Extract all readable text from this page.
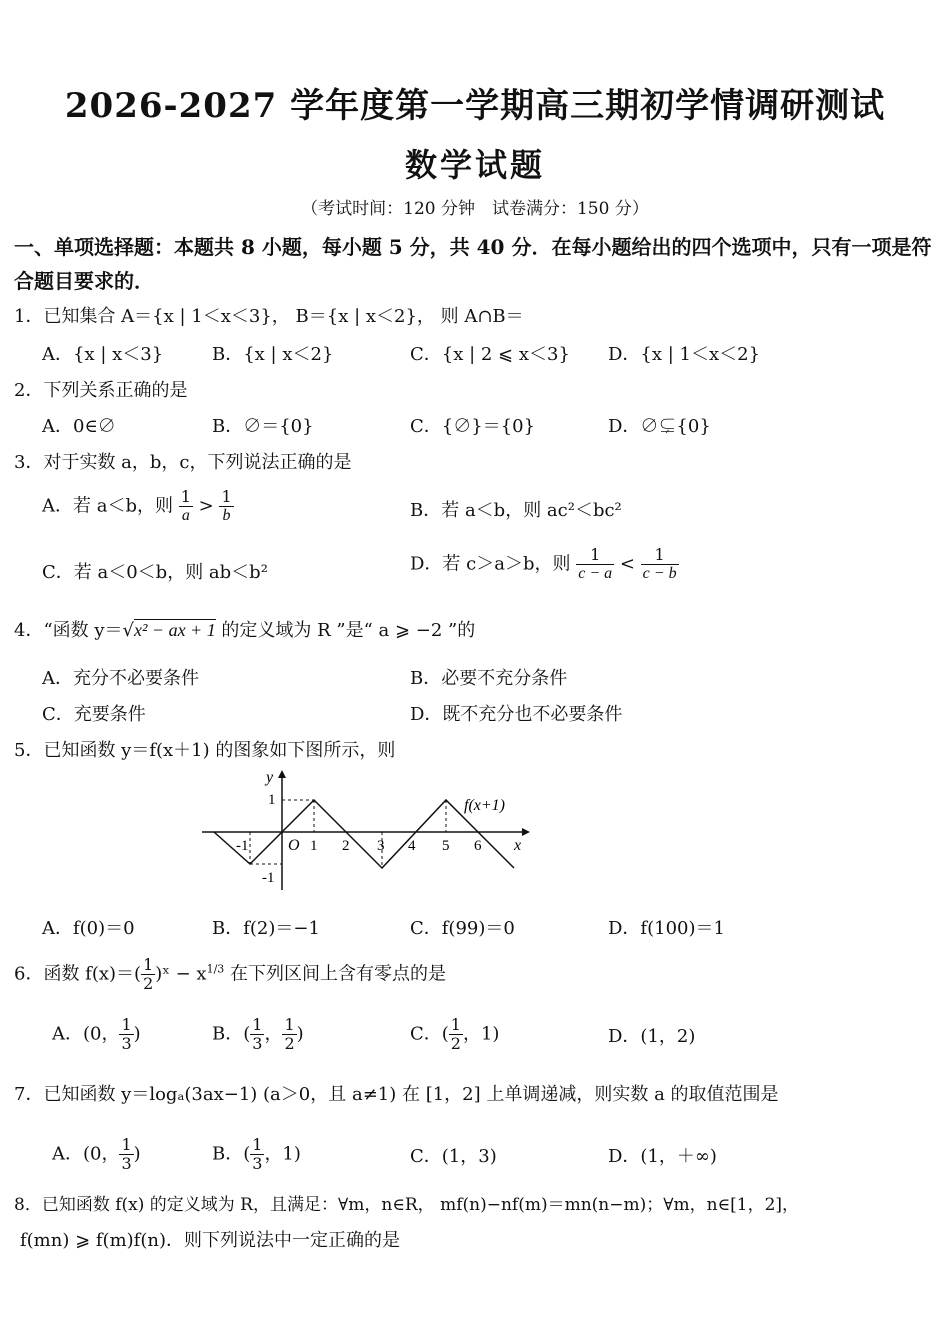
2026-2027 学年度第一学期高三期初学情调研测试
数学试题
（考试时间：120 分钟　试卷满分：150 分）
一、单项选择题：本题共 8 小题，每小题 5 分，共 40 分．在每小题给出的四个选项中，只有一项是符合题目要求的．
1．已知集合 A＝{x | 1＜x＜3}， B＝{x | x＜2}， 则 A∩B＝
A．{x | x＜3}	B．{x | x＜2}	C．{x | 2 ⩽ x＜3} D．{x | 1＜x＜2}
2．下列关系正确的是
A．0∈∅	B．∅＝{0}	C．{∅}＝{0}	D．∅⊊{0}
3．对于实数 a，b，c，下列说法正确的是
A．若 a＜b，则 $\frac{1}{a} > \frac{1}{b}$	B．若 a＜b，则 ac²＜bc²
C．若 a＜0＜b，则 ab＜b²	D．若 c＞a＞b，则 $\frac{1}{c - a} < \frac{1}{c - b}$
4．“函数 y＝√x² − ax + 1 的定义域为 R ”是“ a ⩾ −2 ”的
A．充分不必要条件	B．必要不充分条件
C．充要条件	D．既不充分也不必要条件
5．已知函数 y＝f(x＋1) 的图象如下图所示，则
y
x
O
f(x+1)
-1	1 2 3 4 5 6
1
-1
A．f(0)＝0	B．f(2)＝−1	C．f(99)＝0	D．f(100)＝1
6．函数 $f(x)=( \frac{1}{2}$ )ˣ − $x^{1/3}$ 在下列区间上含有零点的是
A．(0， $\frac{1}{3}$ )	B．( $\frac{1}{3}$ ， $\frac{1}{2}$ )	C．( $\frac{1}{2}$ ，1)	D．(1，2)
7．已知函数 y＝logₐ(3ax−1) (a＞0，且 a≠1) 在 [1，2] 上单调递减，则实数 a 的取值范围是
A．(0， $\frac{1}{3}$ )	B．( $\frac{1}{3}$ ，1)	C．(1，3)	D．(1，＋∞)
8．已知函数 f(x) 的定义域为 R，且满足：∀m，n∈R， mf(n)−nf(m)＝mn(n−m)；∀m，n∈[1，2]，
f(mn) ⩾ f(m)f(n)．则下列说法中一定正确的是
